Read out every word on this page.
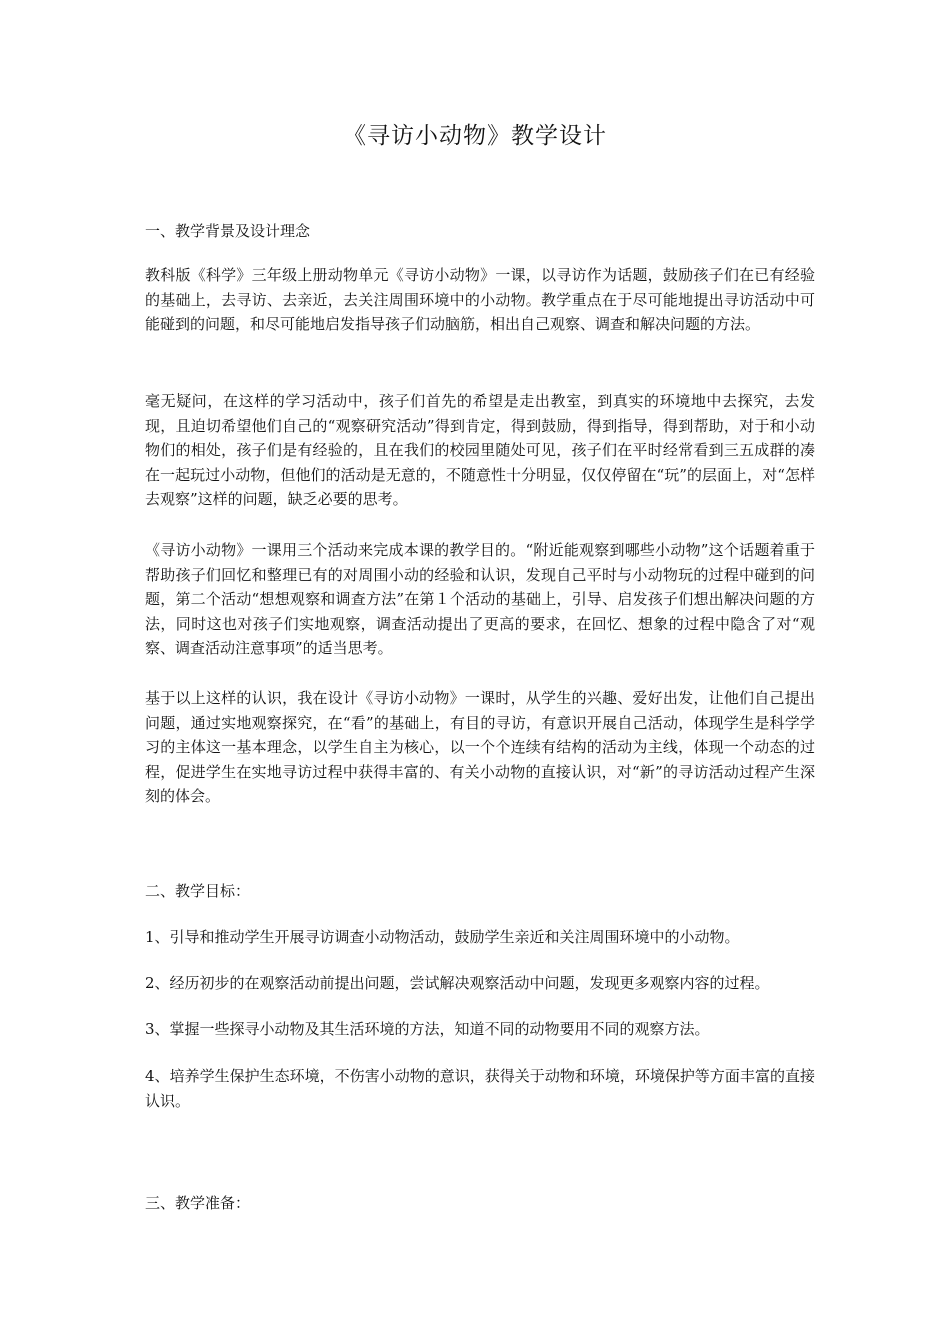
《寻访小动物》教学设计
一、教学背景及设计理念

教科版《科学》三年级上册动物单元《寻访小动物》一课，以寻访作为话题，鼓励孩子们在已有经验的基础上，去寻访、去亲近，去关注周围环境中的小动物。教学重点在于尽可能地提出寻访活动中可能碰到的问题，和尽可能地启发指导孩子们动脑筋，相出自己观察、调查和解决问题的方法。

毫无疑问，在这样的学习活动中，孩子们首先的希望是走出教室，到真实的环境地中去探究，去发现，且迫切希望他们自己的“观察研究活动”得到肯定，得到鼓励，得到指导，得到帮助，对于和小动物们的相处，孩子们是有经验的，且在我们的校园里随处可见，孩子们在平时经常看到三五成群的凑在一起玩过小动物，但他们的活动是无意的，不随意性十分明显，仅仅停留在“玩”的层面上，对“怎样去观察”这样的问题，缺乏必要的思考。

《寻访小动物》一课用三个活动来完成本课的教学目的。“附近能观察到哪些小动物”这个话题着重于帮助孩子们回忆和整理已有的对周围小动的经验和认识，发现自己平时与小动物玩的过程中碰到的问题，第二个活动“想想观察和调查方法”在第１个活动的基础上，引导、启发孩子们想出解决问题的方法，同时这也对孩子们实地观察，调查活动提出了更高的要求，在回忆、想象的过程中隐含了对“观察、调查活动注意事项”的适当思考。

基于以上这样的认识，我在设计《寻访小动物》一课时，从学生的兴趣、爱好出发，让他们自己提出问题，通过实地观察探究，在“看”的基础上，有目的寻访，有意识开展自己活动，体现学生是科学学习的主体这一基本理念，以学生自主为核心，以一个个连续有结构的活动为主线，体现一个动态的过程，促进学生在实地寻访过程中获得丰富的、有关小动物的直接认识，对“新”的寻访活动过程产生深刻的体会。

二、教学目标：

1、引导和推动学生开展寻访调查小动物活动，鼓励学生亲近和关注周围环境中的小动物。

2、经历初步的在观察活动前提出问题，尝试解决观察活动中问题，发现更多观察内容的过程。

3、掌握一些探寻小动物及其生活环境的方法，知道不同的动物要用不同的观察方法。

4、培养学生保护生态环境，不伤害小动物的意识，获得关于动物和环境，环境保护等方面丰富的直接认识。

三、教学准备：
